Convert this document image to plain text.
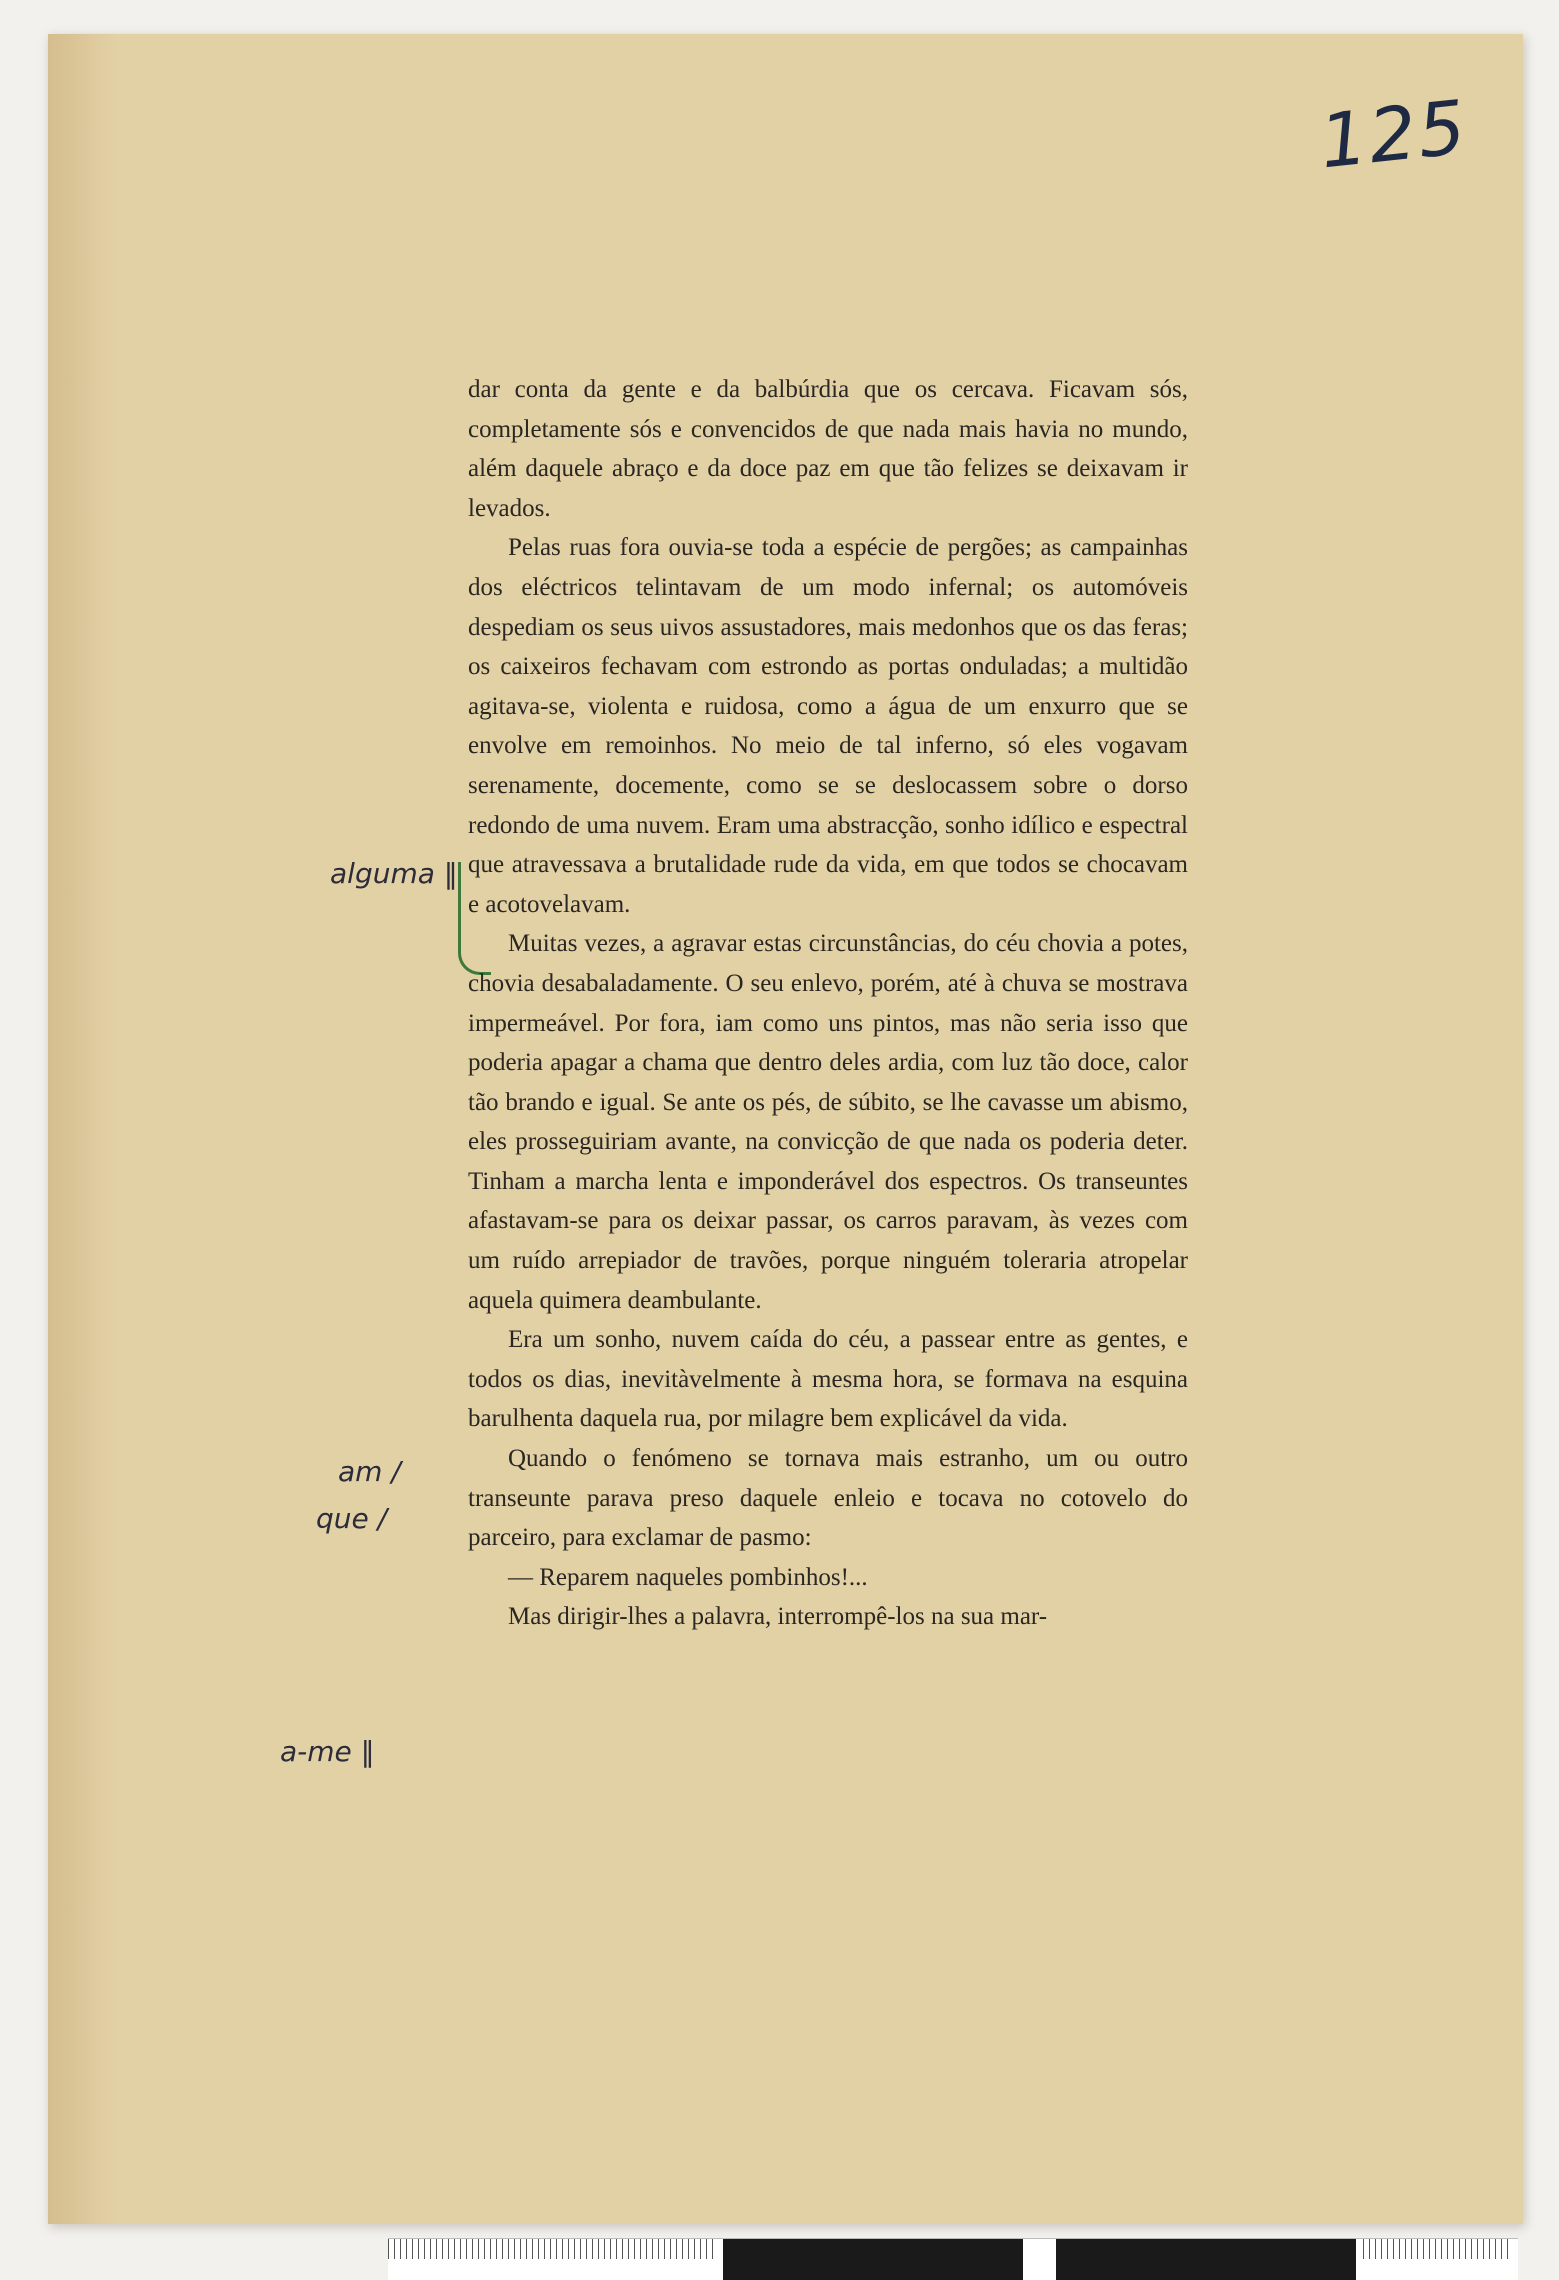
125
alguma ‖
am /
que /
a-me ‖

dar conta da gente e da balbúrdia que os cercava. Ficavam sós, completamente sós e convencidos de que nada mais havia no mundo, além daquele abraço e da doce paz em que tão felizes se deixavam ir levados.

Pelas ruas fora ouvia-se toda a espécie de pergões; as campainhas dos eléctricos telintavam de um modo infernal; os automóveis despediam os seus uivos assustadores, mais medonhos que os das feras; os caixeiros fechavam com estrondo as portas onduladas; a multidão agitava-se, violenta e ruidosa, como a água de um enxurro que se envolve em remoinhos. No meio de tal inferno, só eles vogavam serenamente, docemente, como se se deslocassem sobre o dorso redondo de uma nuvem. Eram uma abstracção, sonho idílico e espectral que atravessava a brutalidade rude da vida, em que todos se chocavam e acotovelavam.

Muitas vezes, a agravar estas circunstâncias, do céu chovia a potes, chovia desabaladamente. O seu enlevo, porém, até à chuva se mostrava impermeável. Por fora, iam como uns pintos, mas não seria isso que poderia apagar a chama que dentro deles ardia, com luz tão doce, calor tão brando e igual. Se ante os pés, de súbito, se lhe cavasse um abismo, eles prosseguiriam avante, na convicção de que nada os poderia deter. Tinham a marcha lenta e imponderável dos espectros. Os transeuntes afastavam-se para os deixar passar, os carros paravam, às vezes com um ruído arrepiador de travões, porque ninguém toleraria atropelar aquela quimera deambulante.

Era um sonho, nuvem caída do céu, a passear entre as gentes, e todos os dias, inevitàvelmente à mesma hora, se formava na esquina barulhenta daquela rua, por milagre bem explicável da vida.

Quando o fenómeno se tornava mais estranho, um ou outro transeunte parava preso daquele enleio e tocava no cotovelo do parceiro, para exclamar de pasmo:

— Reparem naqueles pombinhos!...

Mas dirigir-lhes a palavra, interrompê-los na sua mar-
